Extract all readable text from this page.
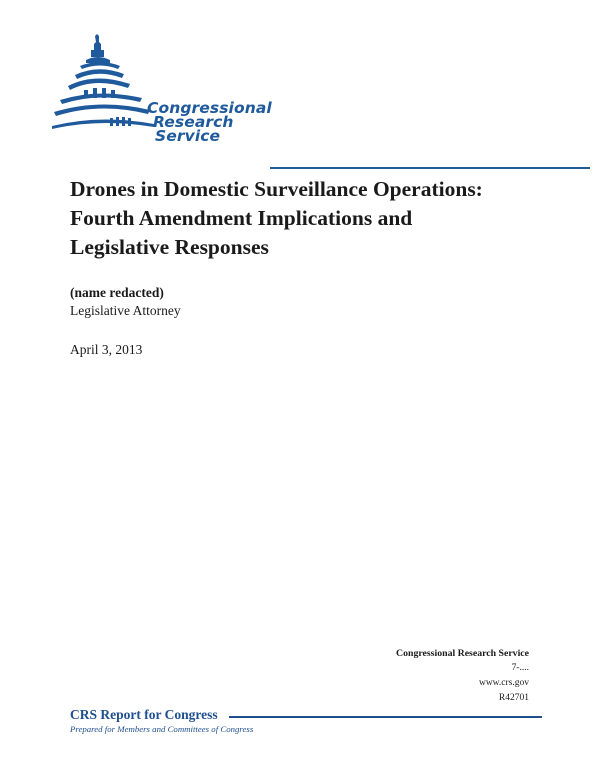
Congressional
Research
Service
Drones in Domestic Surveillance Operations:
Fourth Amendment Implications and
Legislative Responses
(name redacted)
Legislative Attorney
April 3, 2013
Congressional Research Service
7-....
www.crs.gov
R42701
CRS Report for Congress
Prepared for Members and Committees of Congress
